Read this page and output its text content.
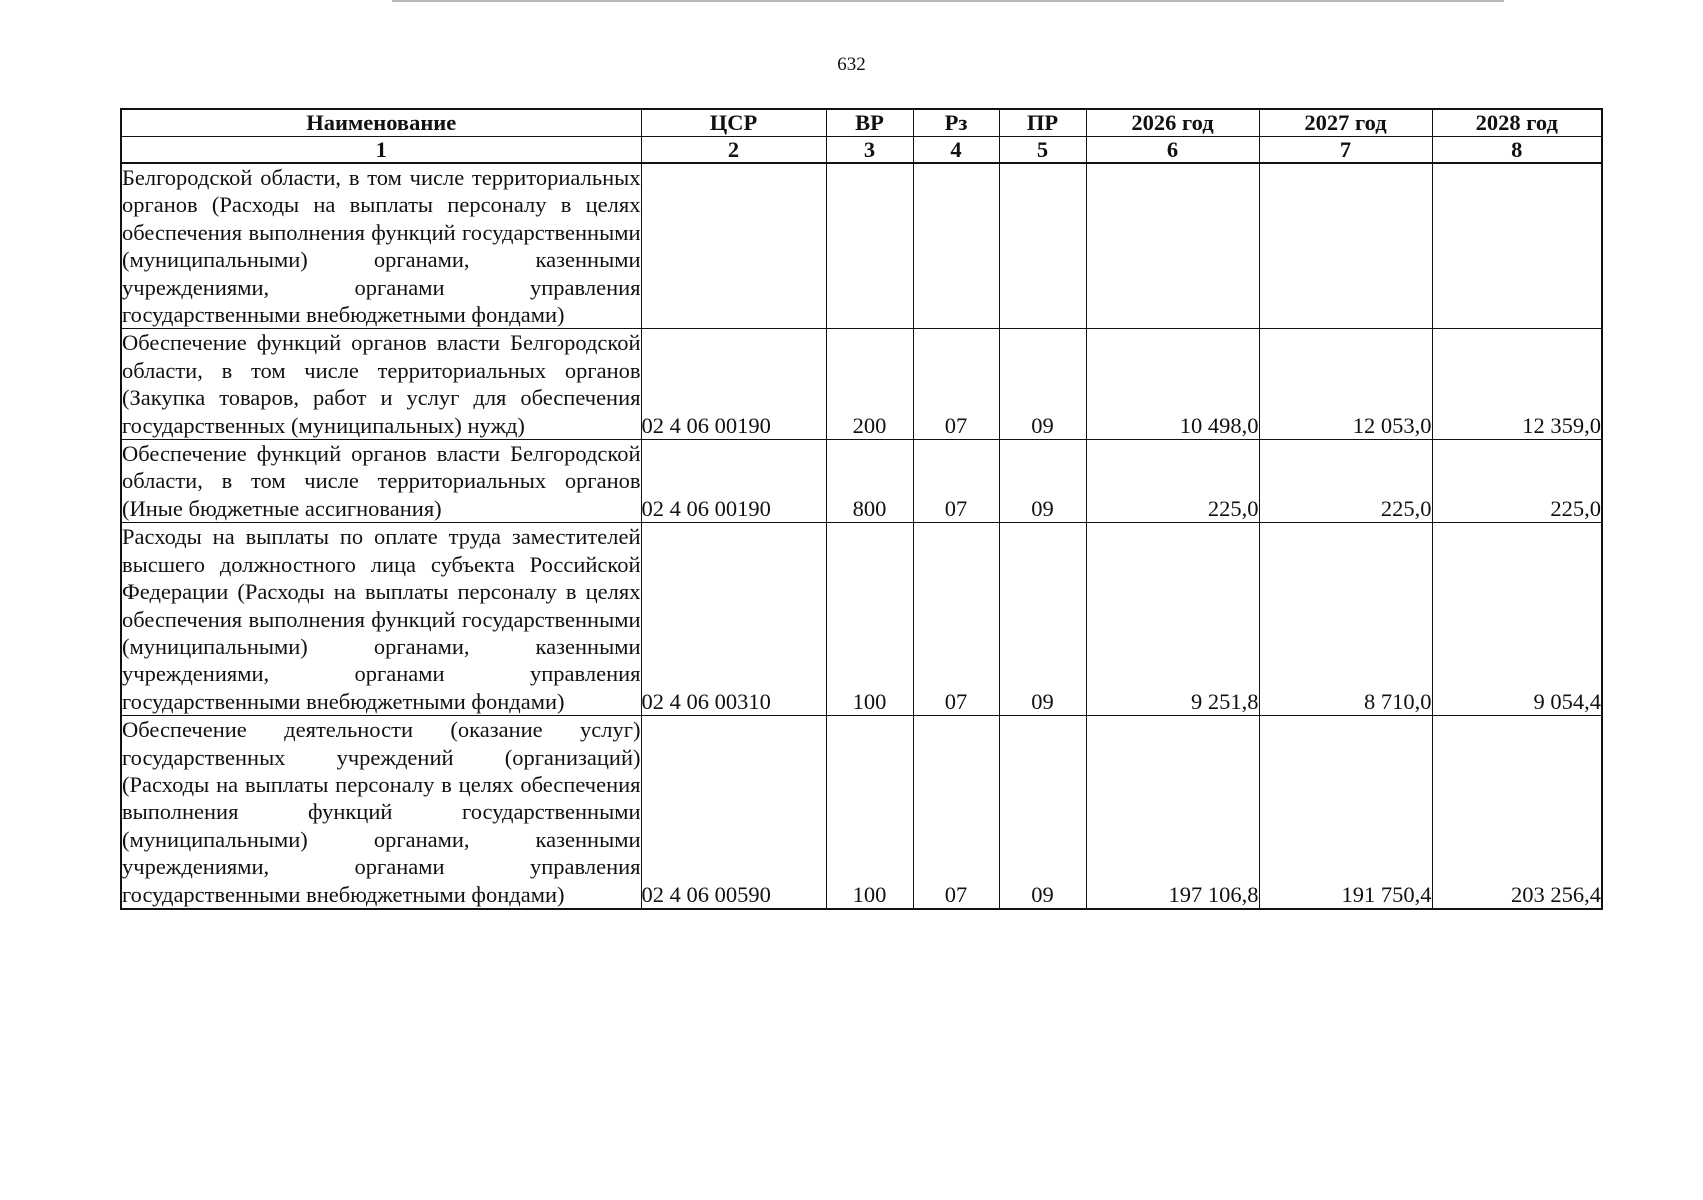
632
Наименование	ЦСР	ВР	Рз	ПР	2026 год	2027 год	2028 год
1	2	3	4	5	6	7	8
Белгородской области, в том числе территориальных органов (Расходы на выплаты персоналу в целях обеспечения выполнения функций государственными (муниципальными) органами, казенными учреждениями, органами управления государственными внебюджетными фондами)							
Обеспечение функций органов власти Белгородской области, в том числе территориальных органов (Закупка товаров, работ и услуг для обеспечения государственных (муниципальных) нужд)	02 4 06 00190	200	07	09	10 498,0	12 053,0	12 359,0
Обеспечение функций органов власти Белгородской области, в том числе территориальных органов (Иные бюджетные ассигнования)	02 4 06 00190	800	07	09	225,0	225,0	225,0
Расходы на выплаты по оплате труда заместителей высшего должностного лица субъекта Российской Федерации (Расходы на выплаты персоналу в целях обеспечения выполнения функций государственными (муниципальными) органами, казенными учреждениями, органами управления государственными внебюджетными фондами)	02 4 06 00310	100	07	09	9 251,8	8 710,0	9 054,4
Обеспечение деятельности (оказание услуг) государственных учреждений (организаций) (Расходы на выплаты персоналу в целях обеспечения выполнения функций государственными (муниципальными) органами, казенными учреждениями, органами управления государственными внебюджетными фондами)	02 4 06 00590	100	07	09	197 106,8	191 750,4	203 256,4
